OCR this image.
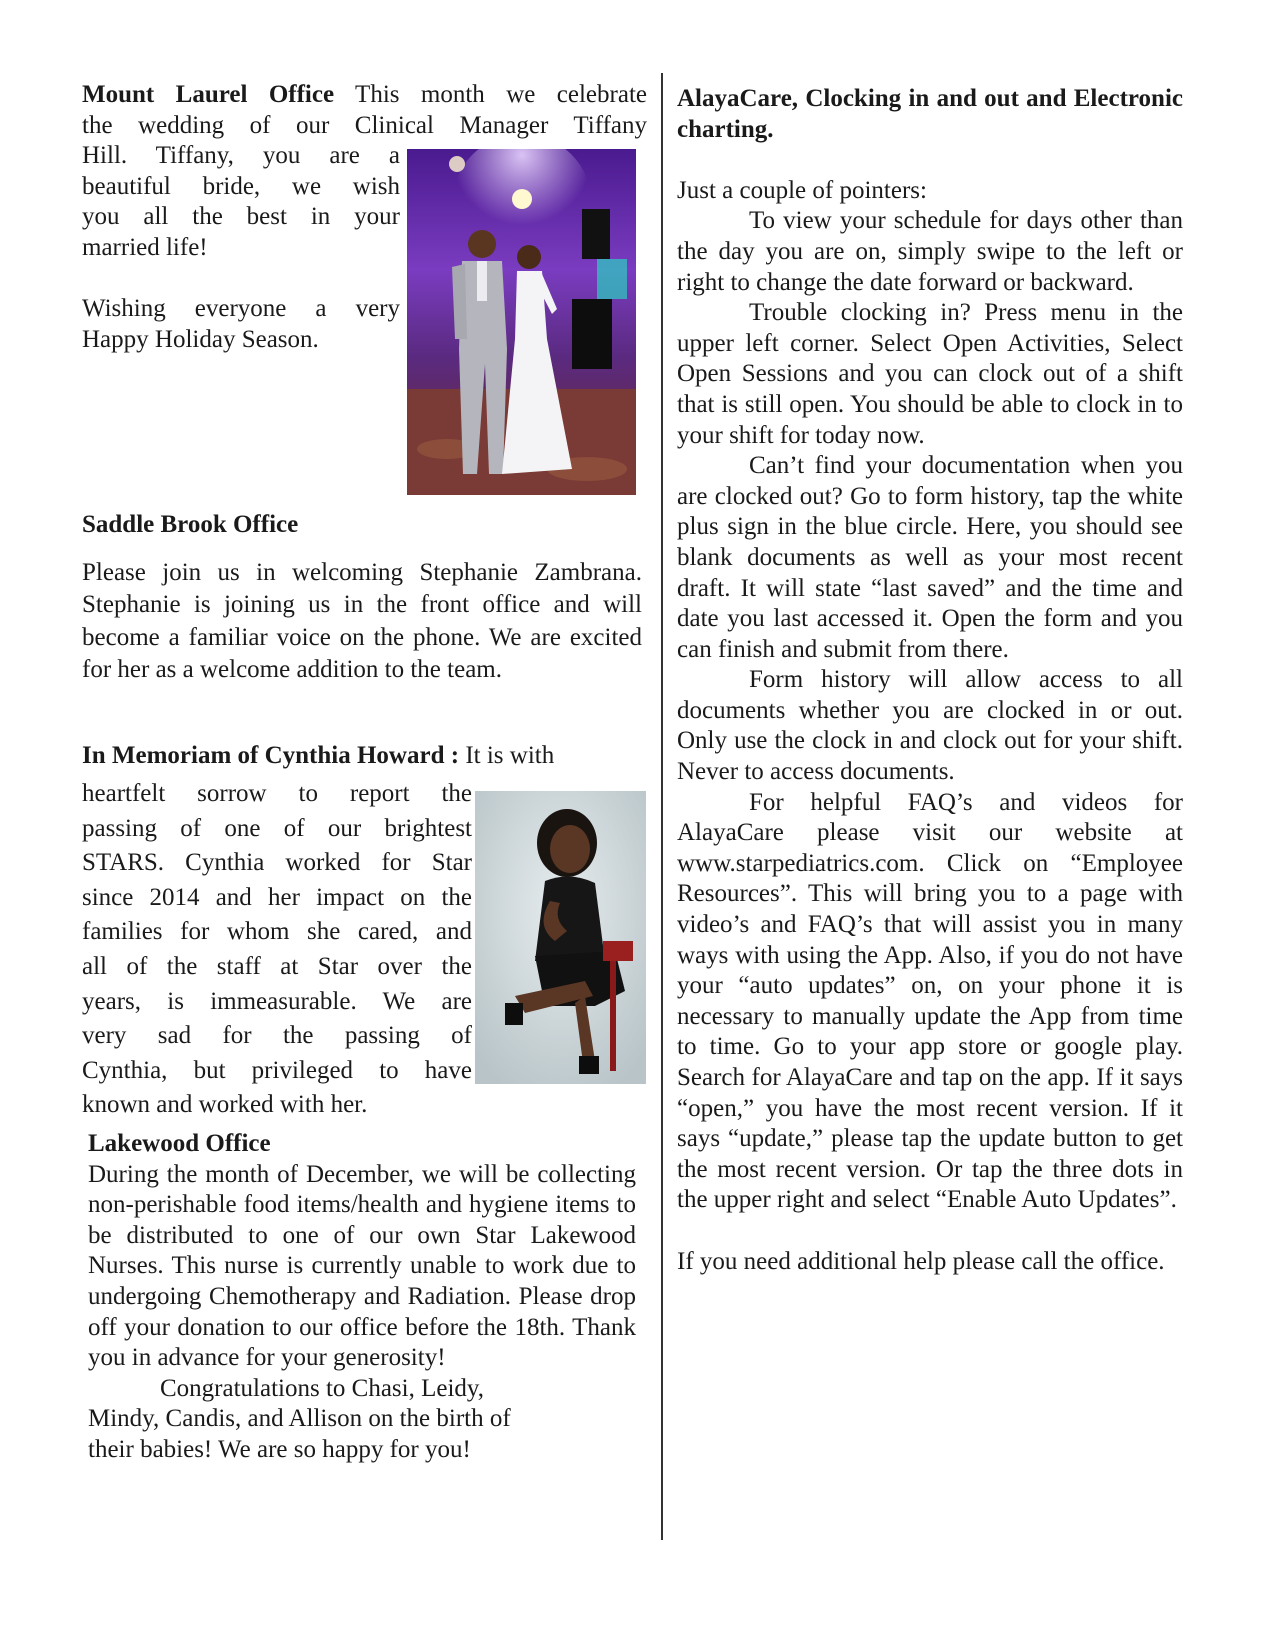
Mount Laurel Office This month we celebrate

the wedding of our Clinical Manager Tiffany

Hill. Tiffany, you are a

beautiful bride, we wish

you all the best in your

married life!

Wishing everyone a very

Happy Holiday Season.

Saddle Brook Office

Please join us in welcoming Stephanie Zambrana. Stephanie is joining us in the front office and will become a familiar voice on the phone. We are excited for her as a welcome addition to the team.

In Memoriam of Cynthia Howard : It is with

heartfelt sorrow to report the

passing of one of our brightest

STARS. Cynthia worked for Star

since 2014 and her impact on the

families for whom she cared, and

all of the staff at Star over the

years, is immeasurable. We are

very sad for the passing of

Cynthia, but privileged to have

known and worked with her.

Lakewood Office

During the month of December, we will be collecting non-perishable food items/health and hygiene items to be distributed to one of our own Star Lakewood Nurses. This nurse is currently unable to work due to undergoing Chemotherapy and Radiation. Please drop off your donation to our office before the 18th. Thank you in advance for your generosity!

Congratulations to Chasi, Leidy,

Mindy, Candis, and Allison on the birth of

their babies! We are so happy for you!

AlayaCare, Clocking in and out and Electronic charting.

Just a couple of pointers:

To view your schedule for days other than the day you are on, simply swipe to the left or right to change the date forward or backward.

Trouble clocking in? Press menu in the upper left corner. Select Open Activities, Select Open Sessions and you can clock out of a shift that is still open. You should be able to clock in to your shift for today now.

Can’t find your documentation when you are clocked out? Go to form history, tap the white plus sign in the blue circle. Here, you should see blank documents as well as your most recent draft. It will state “last saved” and the time and date you last accessed it. Open the form and you can finish and submit from there.

Form history will allow access to all documents whether you are clocked in or out. Only use the clock in and clock out for your shift. Never to access documents.

For helpful FAQ’s and videos for AlayaCare please visit our website at www.starpediatrics.com. Click on “Employee Resources”. This will bring you to a page with video’s and FAQ’s that will assist you in many ways with using the App. Also, if you do not have your “auto updates” on, on your phone it is necessary to manually update the App from time to time. Go to your app store or google play. Search for AlayaCare and tap on the app. If it says “open,” you have the most recent version. If it says “update,” please tap the update button to get the most recent version. Or tap the three dots in the upper right and select “Enable Auto Updates”.

If you need additional help please call the office.
